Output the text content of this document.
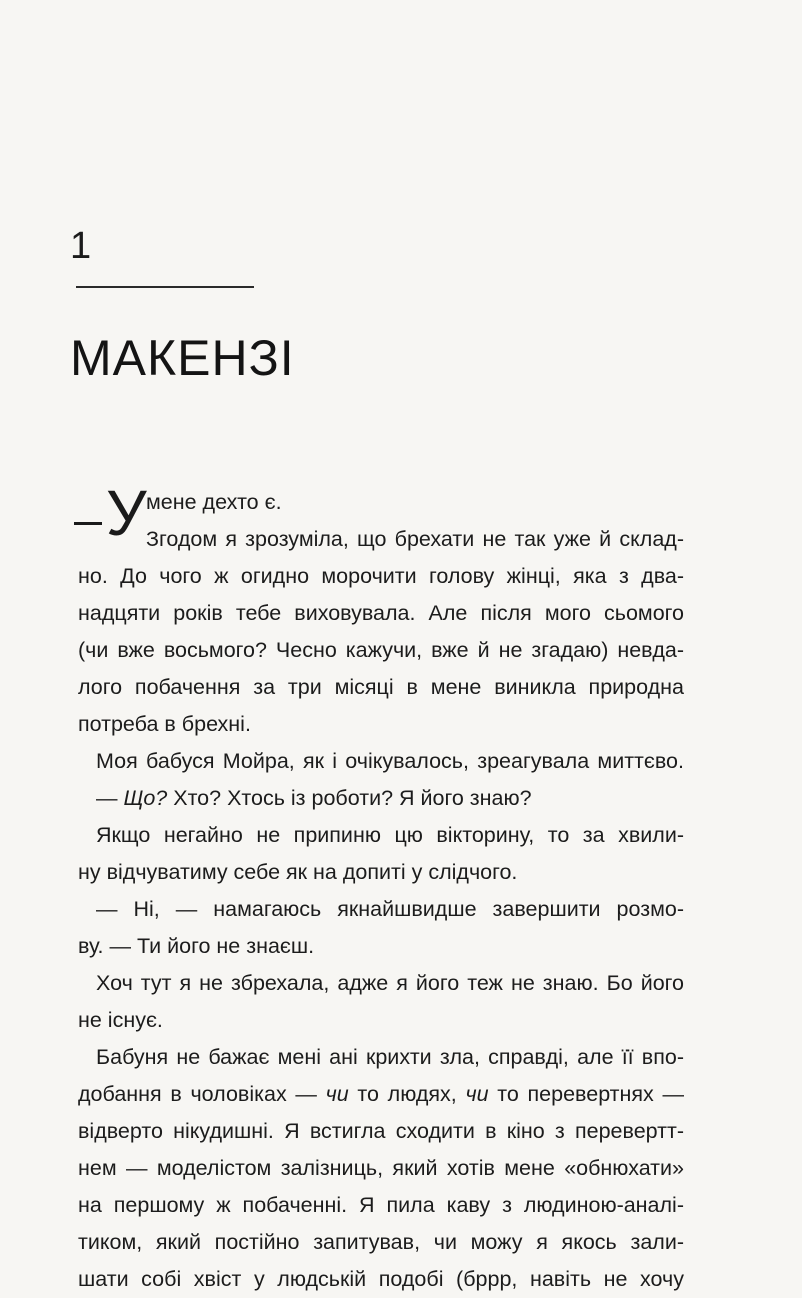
1
МАКЕНЗІ
У мене дехто є.
Згодом я зрозуміла, що брехати не так уже й склад-
но. До чого ж огидно морочити голову жінці, яка з два-
надцяти років тебе виховувала. Але після мого сьомого
(чи вже восьмого? Чесно кажучи, вже й не згадаю) невда-
лого побачення за три місяці в мене виникла природна
потреба в брехні.
Моя бабуся Мойра, як і очікувалось, зреагувала миттєво.
— Що? Хто? Хтось із роботи? Я його знаю?
Якщо негайно не припиню цю вікторину, то за хвили-
ну відчуватиму себе як на допиті у слідчого.
— Ні, — намагаюсь якнайшвидше завершити розмо-
ву. — Ти його не знаєш.
Хоч тут я не збрехала, адже я його теж не знаю. Бо його
не існує.
Бабуня не бажає мені ані крихти зла, справді, але її впо-
добання в чоловіках — чи то людях, чи то перевертнях —
відверто нікудишні. Я встигла сходити в кіно з перевертт-
нем — моделістом залізниць, який хотів мене «обнюхати»
на першому ж побаченні. Я пила каву з людиною-аналі-
тиком, який постійно запитував, чи можу я якось зали-
шати собі хвіст у людській подобі (бррр, навіть не хочу
